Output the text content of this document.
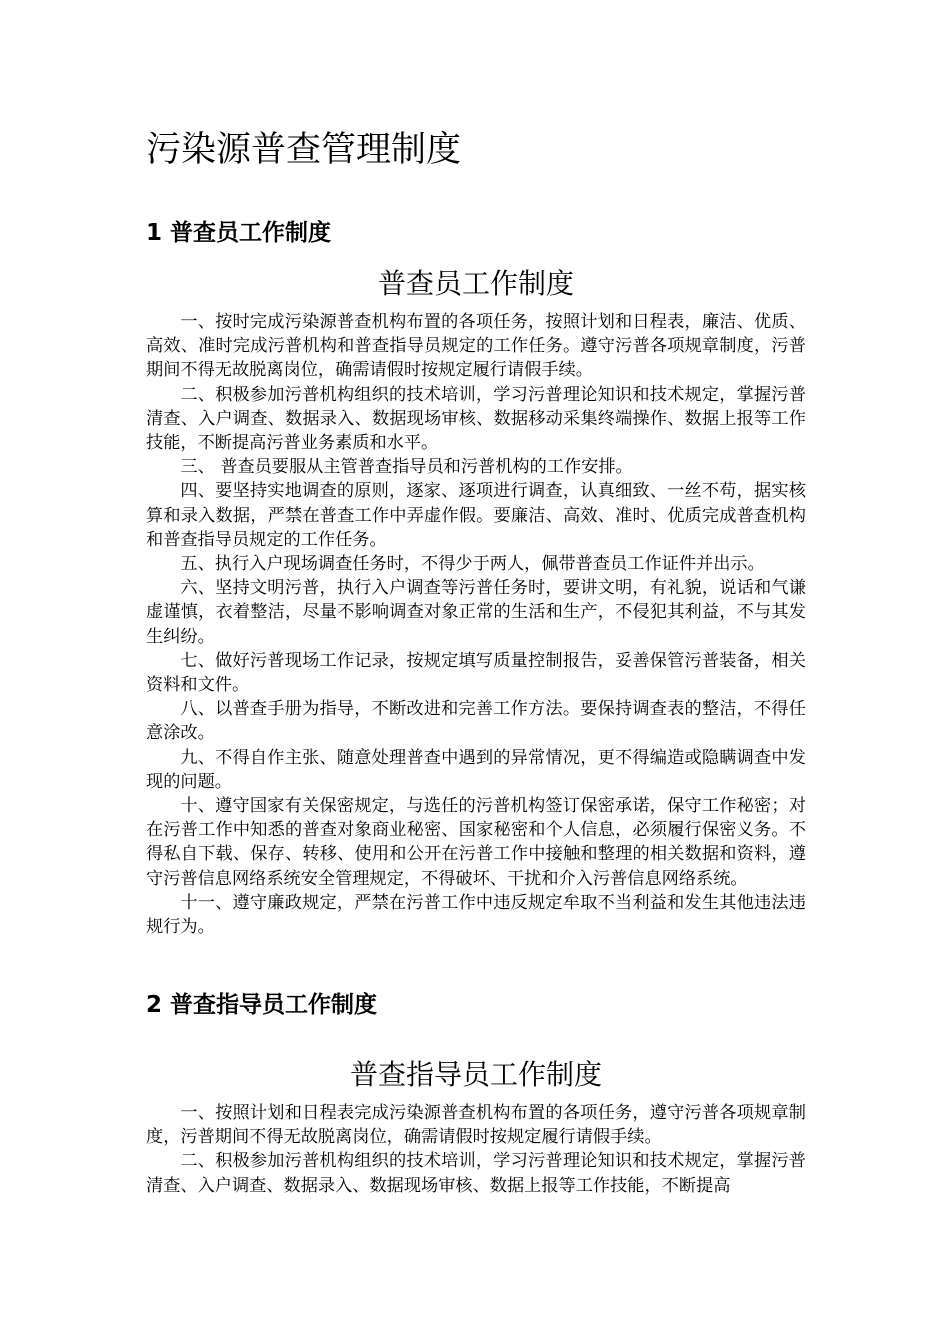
污染源普查管理制度
1 普查员工作制度
普查员工作制度

一、按时完成污染源普查机构布置的各项任务，按照计划和日程表，廉洁、优质、高效、准时完成污普机构和普查指导员规定的工作任务。遵守污普各项规章制度，污普期间不得无故脱离岗位，确需请假时按规定履行请假手续。

二、积极参加污普机构组织的技术培训，学习污普理论知识和技术规定，掌握污普清查、入户调查、数据录入、数据现场审核、数据移动采集终端操作、数据上报等工作技能，不断提高污普业务素质和水平。

三、 普查员要服从主管普查指导员和污普机构的工作安排。

四、要坚持实地调查的原则，逐家、逐项进行调查，认真细致、一丝不苟，据实核算和录入数据，严禁在普查工作中弄虚作假。要廉洁、高效、准时、优质完成普查机构和普查指导员规定的工作任务。

五、执行入户现场调查任务时，不得少于两人，佩带普查员工作证件并出示。

六、坚持文明污普，执行入户调查等污普任务时，要讲文明，有礼貌，说话和气谦虚谨慎，衣着整洁，尽量不影响调查对象正常的生活和生产，不侵犯其利益，不与其发生纠纷。

七、做好污普现场工作记录，按规定填写质量控制报告，妥善保管污普装备，相关资料和文件。

八、以普查手册为指导，不断改进和完善工作方法。要保持调查表的整洁，不得任意涂改。

九、不得自作主张、随意处理普查中遇到的异常情况，更不得编造或隐瞒调查中发现的问题。

十、遵守国家有关保密规定，与选任的污普机构签订保密承诺，保守工作秘密；对在污普工作中知悉的普查对象商业秘密、国家秘密和个人信息，必须履行保密义务。不得私自下载、保存、转移、使用和公开在污普工作中接触和整理的相关数据和资料，遵守污普信息网络系统安全管理规定，不得破坏、干扰和介入污普信息网络系统。

十一、遵守廉政规定，严禁在污普工作中违反规定牟取不当利益和发生其他违法违规行为。

2 普查指导员工作制度
普查指导员工作制度

一、按照计划和日程表完成污染源普查机构布置的各项任务，遵守污普各项规章制度，污普期间不得无故脱离岗位，确需请假时按规定履行请假手续。

二、积极参加污普机构组织的技术培训，学习污普理论知识和技术规定，掌握污普清查、入户调查、数据录入、数据现场审核、数据上报等工作技能，不断提高
